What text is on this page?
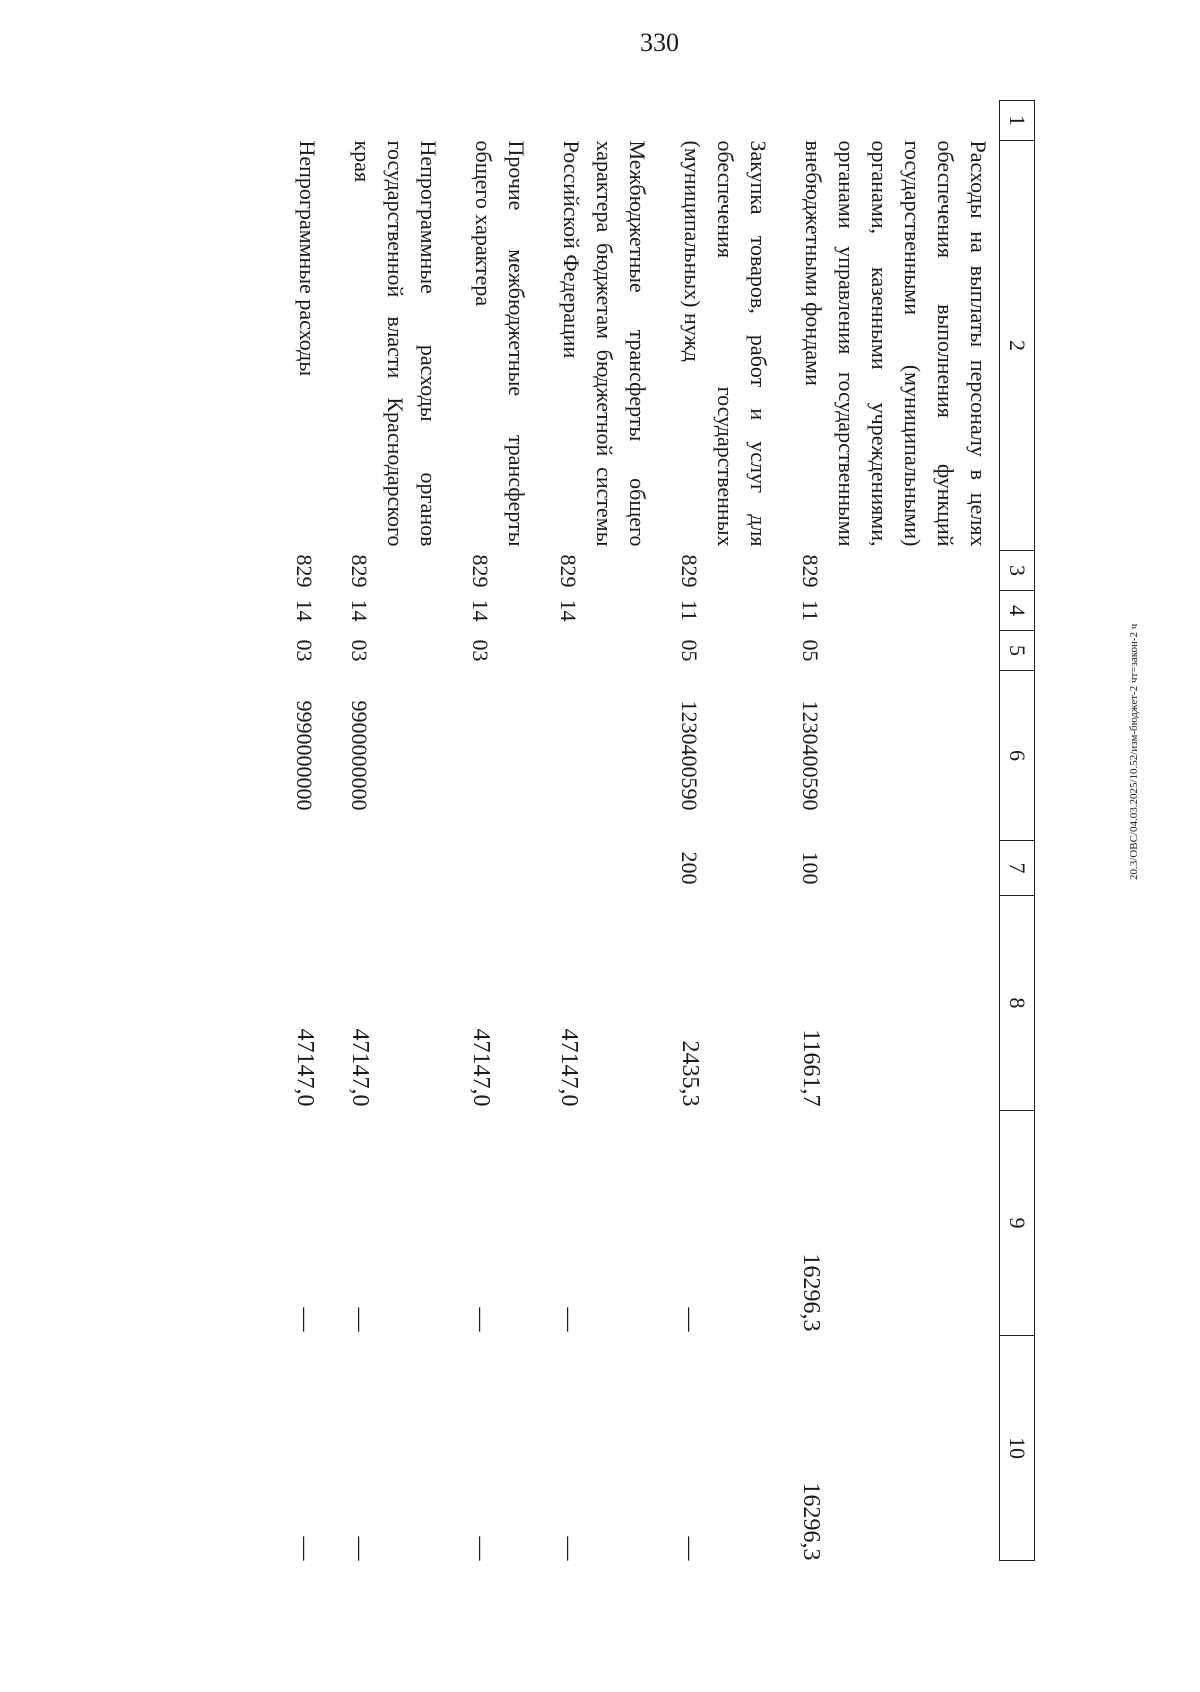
330
20.3/ОВС/04.03.2025/10.52/изм-бюджет-2 чт=закон-2 ч
1	2	3	4	5	6	7	8	9	10
	Расходы на выплаты персоналу в целях обеспечения выполнения функций государственными (муниципальными) органами, казенными учреждениями, органами управления государственными внебюджетными фондами	829	11	05	1230400590	100	11661,7	16296,3	16296,3
	Закупка товаров, работ и услуг для обеспечения государственных (муниципальных) нужд	829	11	05	1230400590	200	2435,3	—	—
	Межбюджетные трансферты общего характера бюджетам бюджетной системы Российской Федерации	829	14				47147,0	—	—
	Прочие межбюджетные трансферты общего характера	829	14	03			47147,0	—	—
	Непрограммные расходы органов государственной власти Краснодарского края	829	14	03	9900000000		47147,0	—	—
	Непрограммные расходы	829	14	03	9990000000		47147,0	—	—
